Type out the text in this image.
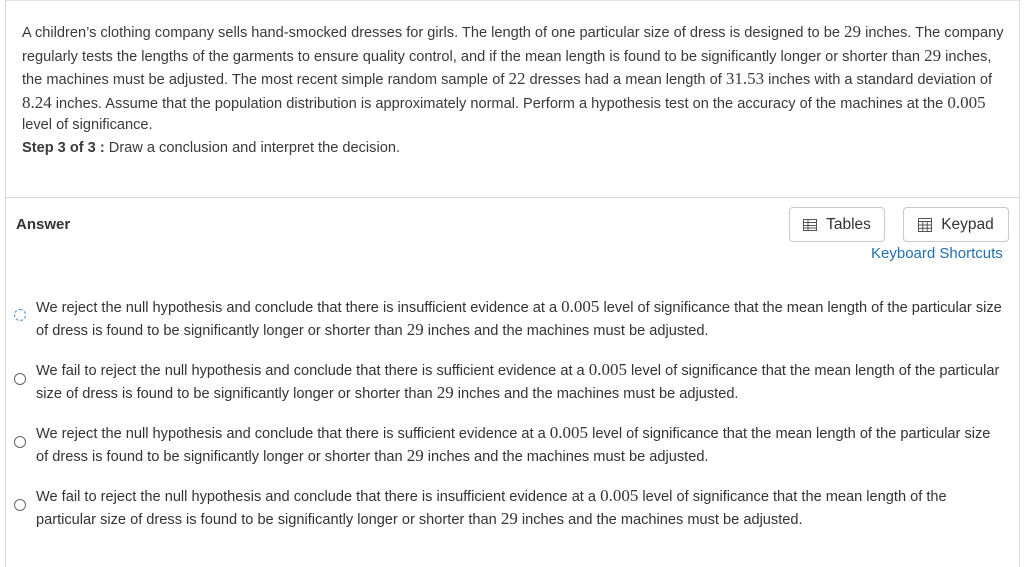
A children’s clothing company sells hand-smocked dresses for girls. The length of one particular size of dress is designed to be 29 inches. The company regularly tests the lengths of the garments to ensure quality control, and if the mean length is found to be significantly longer or shorter than 29 inches, the machines must be adjusted. The most recent simple random sample of 22 dresses had a mean length of 31.53 inches with a standard deviation of 8.24 inches. Assume that the population distribution is approximately normal. Perform a hypothesis test on the accuracy of the machines at the 0.005 level of significance.
Step 3 of 3 : Draw a conclusion and interpret the decision.
Answer	Tables	Keypad
Keyboard Shortcuts
We reject the null hypothesis and conclude that there is insufficient evidence at a 0.005 level of significance that the mean length of the particular size of dress is found to be significantly longer or shorter than 29 inches and the machines must be adjusted.
We fail to reject the null hypothesis and conclude that there is sufficient evidence at a 0.005 level of significance that the mean length of the particular size of dress is found to be significantly longer or shorter than 29 inches and the machines must be adjusted.
We reject the null hypothesis and conclude that there is sufficient evidence at a 0.005 level of significance that the mean length of the particular size of dress is found to be significantly longer or shorter than 29 inches and the machines must be adjusted.
We fail to reject the null hypothesis and conclude that there is insufficient evidence at a 0.005 level of significance that the mean length of the particular size of dress is found to be significantly longer or shorter than 29 inches and the machines must be adjusted.
